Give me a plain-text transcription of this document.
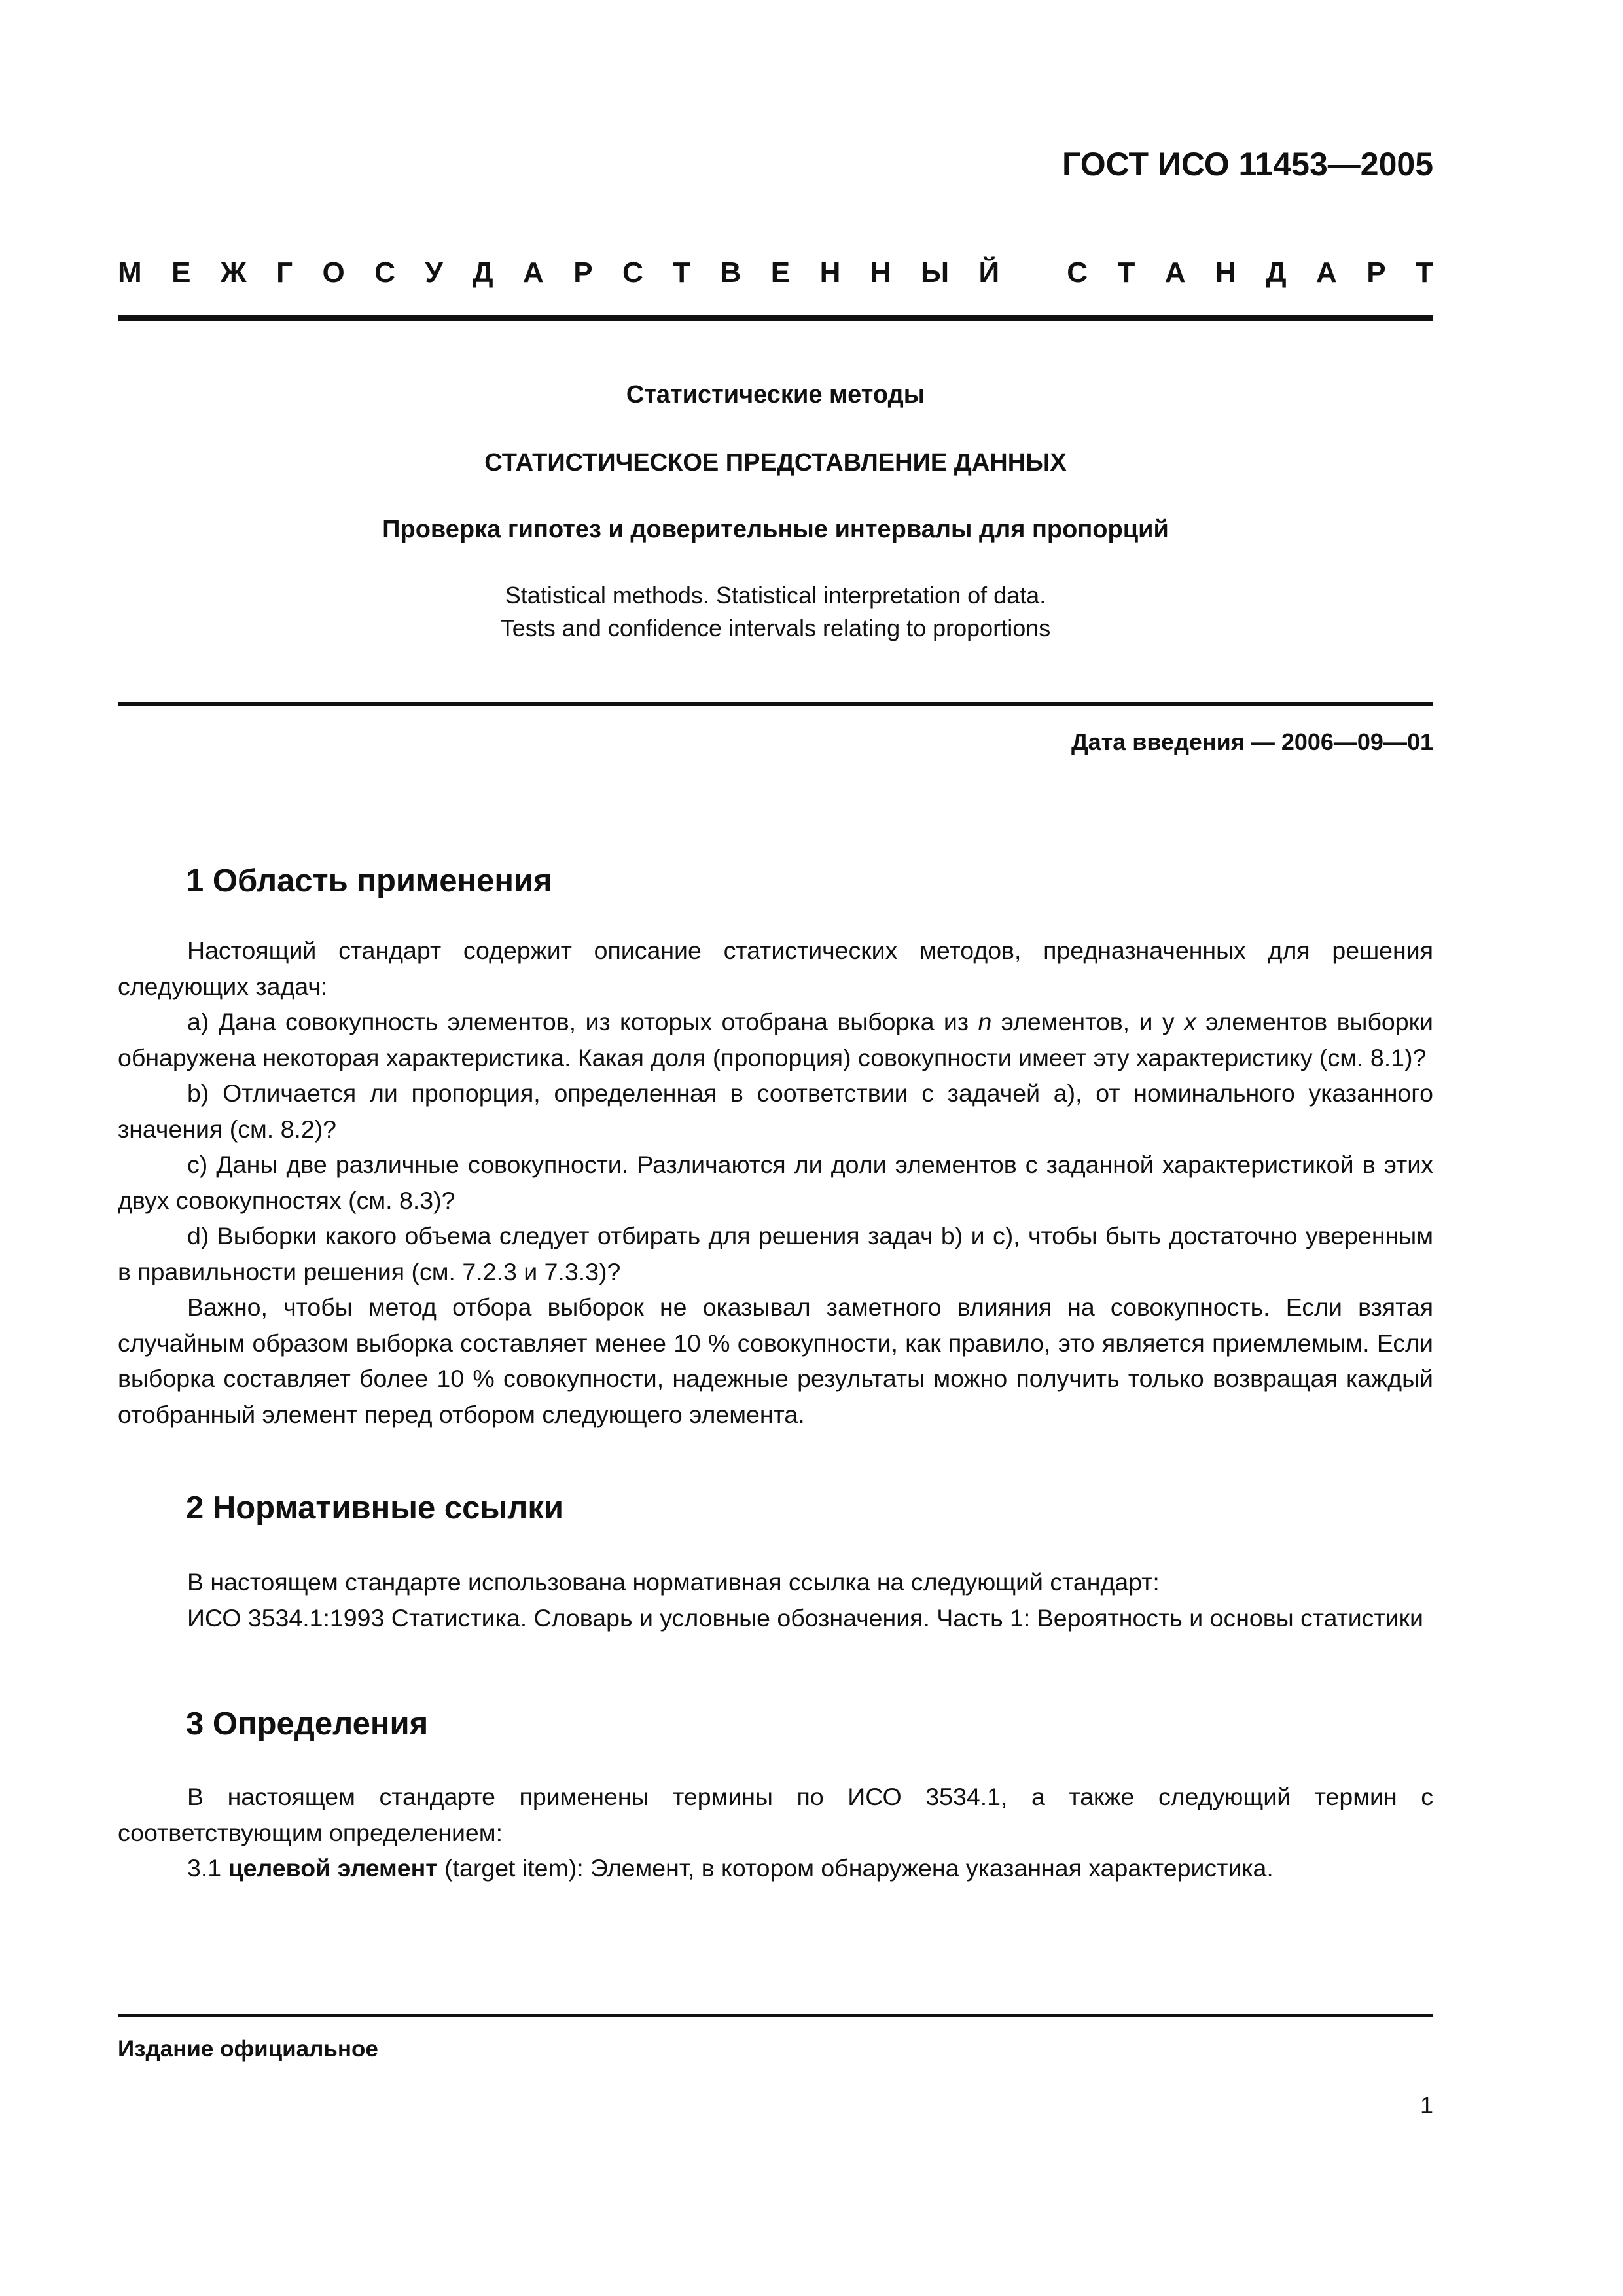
ГОСТ ИСО 11453—2005
М Е Ж Г О С У Д А Р С Т В Е Н Н Ы Й
С Т А Н Д А Р Т
Статистические методы
СТАТИСТИЧЕСКОЕ ПРЕДСТАВЛЕНИЕ ДАННЫХ
Проверка гипотез и доверительные интервалы для пропорций
Statistical methods. Statistical interpretation of data.
Tests and confidence intervals relating to proportions
Дата введения — 2006—09—01
1 Область применения

Настоящий стандарт содержит описание статистических методов, предназначенных для решения следующих задач:

a) Дана совокупность элементов, из которых отобрана выборка из n элементов, и у x элементов выборки обнаружена некоторая характеристика. Какая доля (пропорция) совокупности имеет эту характеристику (см. 8.1)?

b) Отличается ли пропорция, определенная в соответствии с задачей a), от номинального указанного значения (см. 8.2)?

c) Даны две различные совокупности. Различаются ли доли элементов с заданной характеристикой в этих двух совокупностях (см. 8.3)?

d) Выборки какого объема следует отбирать для решения задач b) и c), чтобы быть достаточно уверенным в правильности решения (см. 7.2.3 и 7.3.3)?

Важно, чтобы метод отбора выборок не оказывал заметного влияния на совокупность. Если взятая случайным образом выборка составляет менее 10 % совокупности, как правило, это является приемлемым. Если выборка составляет более 10 % совокупности, надежные результаты можно получить только возвращая каждый отобранный элемент перед отбором следующего элемента.

2 Нормативные ссылки

В настоящем стандарте использована нормативная ссылка на следующий стандарт:

ИСО 3534.1:1993 Статистика. Словарь и условные обозначения. Часть 1: Вероятность и основы статистики

3 Определения

В настоящем стандарте применены термины по ИСО 3534.1, а также следующий термин с соответствующим определением:

3.1 целевой элемент (target item): Элемент, в котором обнаружена указанная характеристика.

Издание официальное
1
